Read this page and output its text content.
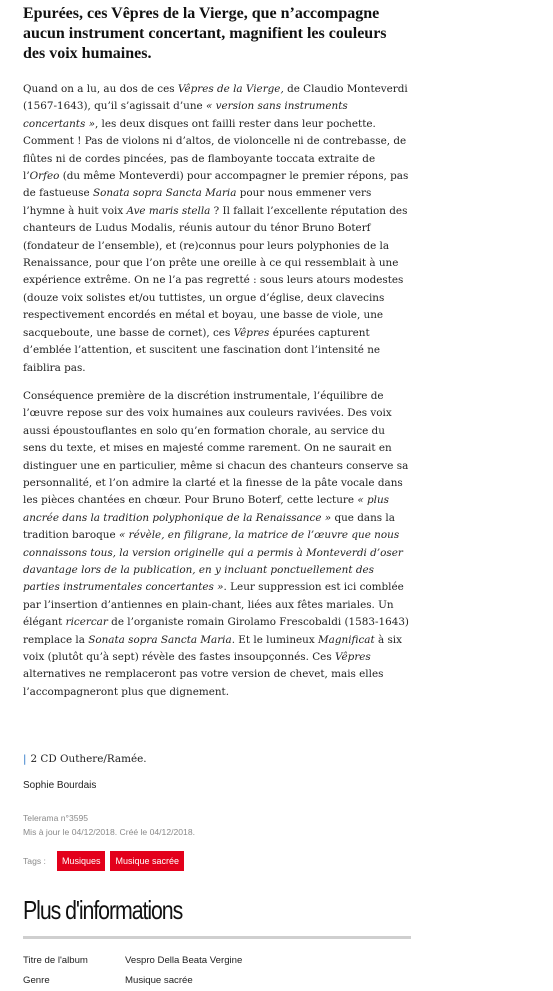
Epurées, ces Vêpres de la Vierge, que n’accompagne aucun instrument concertant, magnifient les couleurs des voix humaines.

Quand on a lu, au dos de ces Vêpres de la Vierge, de Claudio Monteverdi (1567-1643), qu’il s’agissait d’une « version sans instruments concertants », les deux disques ont failli rester dans leur pochette. Comment ! Pas de violons ni d’altos, de violoncelle ni de contrebasse, de flûtes ni de cordes pincées, pas de flamboyante toccata extraite de l’Orfeo (du même Monteverdi) pour accompagner le premier répons, pas de fastueuse Sonata sopra Sancta Maria pour nous emmener vers l’hymne à huit voix Ave maris stella ? Il fallait l’excellente réputation des chanteurs de Ludus Modalis, réunis autour du ténor Bruno Boterf (fondateur de l’ensemble), et (re)connus pour leurs polyphonies de la Renaissance, pour que l’on prête une oreille à ce qui ressemblait à une expérience extrême. On ne l’a pas regretté : sous leurs atours modestes (douze voix solistes et/ou tuttistes, un orgue d’église, deux clavecins respectivement encordés en métal et boyau, une basse de viole, une sacqueboute, une basse de cornet), ces Vêpres épurées capturent d’emblée l’attention, et suscitent une fascination dont l’intensité ne faiblira pas.

Conséquence première de la discrétion instrumentale, l’équilibre de l’œuvre repose sur des voix humaines aux couleurs ravivées. Des voix aussi époustouflantes en solo qu’en formation chorale, au service du sens du texte, et mises en majesté comme rarement. On ne saurait en distinguer une en particulier, même si chacun des chanteurs conserve sa personnalité, et l’on admire la clarté et la finesse de la pâte vocale dans les pièces chantées en chœur. Pour Bruno Boterf, cette lecture « plus ancrée dans la tradition polyphonique de la Renaissance » que dans la tradition baroque « révèle, en filigrane, la matrice de l’œuvre que nous connaissons tous, la version originelle qui a permis à Monteverdi d’oser davantage lors de la publication, en y incluant ponctuellement des parties instrumentales concertantes ». Leur suppression est ici comblée par l’insertion d’antiennes en plain-chant, liées aux fêtes mariales. Un élégant ricercar de l’organiste romain Girolamo Frescobaldi (1583-1643) remplace la Sonata sopra Sancta Maria. Et le lumineux Magnificat à six voix (plutôt qu’à sept) révèle des fastes insoupçonnés. Ces Vêpres alternatives ne remplaceront pas votre version de chevet, mais elles l’accompagneront plus que dignement.

| 2 CD Outhere/Ramée.
Sophie Bourdais
Telerama n°3595
Mis à jour le 04/12/2018. Créé le 04/12/2018.
Tags :	Musiques	Musique sacrée
Plus d'informations
Titre de l'album	Vespro Della Beata Vergine
Genre	Musique sacrée
